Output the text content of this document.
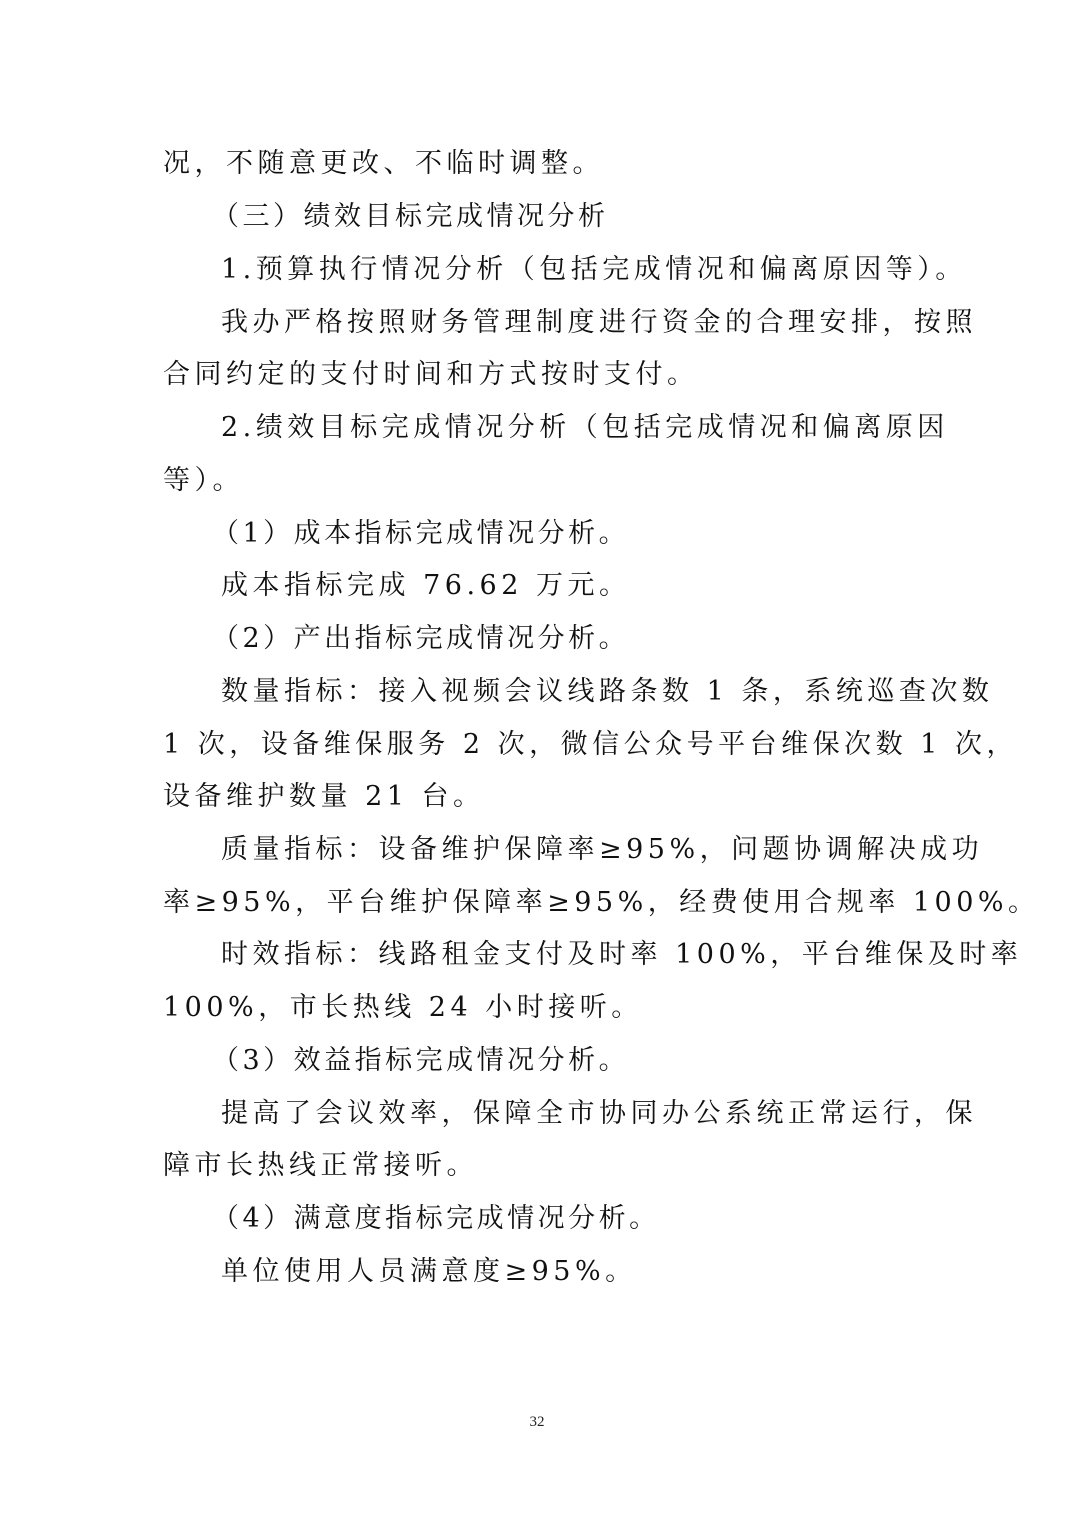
况，不随意更改、不临时调整。
（三）绩效目标完成情况分析
1.预算执行情况分析（包括完成情况和偏离原因等）。
我办严格按照财务管理制度进行资金的合理安排，按照
合同约定的支付时间和方式按时支付。
2.绩效目标完成情况分析（包括完成情况和偏离原因
等）。
（1）成本指标完成情况分析。
成本指标完成 76.62 万元。
（2）产出指标完成情况分析。
数量指标：接入视频会议线路条数 1 条，系统巡查次数
1 次，设备维保服务 2 次，微信公众号平台维保次数 1 次，
设备维护数量 21 台。
质量指标：设备维护保障率≥95%，问题协调解决成功
率≥95%，平台维护保障率≥95%，经费使用合规率 100%。
时效指标：线路租金支付及时率 100%，平台维保及时率
100%，市长热线 24 小时接听。
（3）效益指标完成情况分析。
提高了会议效率，保障全市协同办公系统正常运行，保
障市长热线正常接听。
（4）满意度指标完成情况分析。
单位使用人员满意度≥95%。
32
